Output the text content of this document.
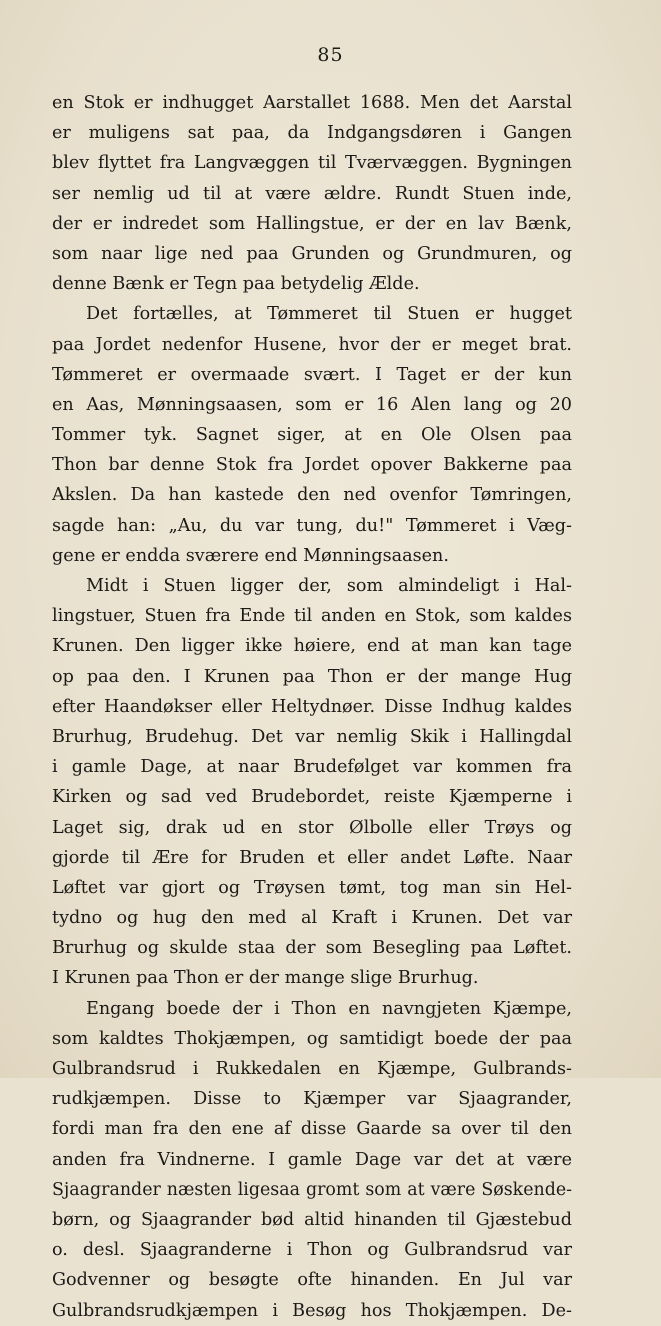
85
en Stok er indhugget Aarstallet 1688. Men det Aarstal
er muligens sat paa, da Indgangsdøren i Gangen
blev flyttet fra Langvæggen til Tværvæggen. Bygningen
ser nemlig ud til at være ældre. Rundt Stuen inde,
der er indredet som Hallingstue, er der en lav Bænk,
som naar lige ned paa Grunden og Grundmuren, og
denne Bænk er Tegn paa betydelig Ælde.
Det fortælles, at Tømmeret til Stuen er hugget
paa Jordet nedenfor Husene, hvor der er meget brat.
Tømmeret er overmaade svært. I Taget er der kun
en Aas, Mønningsaasen, som er 16 Alen lang og 20
Tommer tyk. Sagnet siger, at en Ole Olsen paa
Thon bar denne Stok fra Jordet opover Bakkerne paa
Akslen. Da han kastede den ned ovenfor Tømringen,
sagde han: „Au, du var tung, du!" Tømmeret i Væg-
gene er endda sværere end Mønningsaasen.
Midt i Stuen ligger der, som almindeligt i Hal-
lingstuer, Stuen fra Ende til anden en Stok, som kaldes
Krunen. Den ligger ikke høiere, end at man kan tage
op paa den. I Krunen paa Thon er der mange Hug
efter Haandøkser eller Heltydnøer. Disse Indhug kaldes
Brurhug, Brudehug. Det var nemlig Skik i Hallingdal
i gamle Dage, at naar Brudefølget var kommen fra
Kirken og sad ved Brudebordet, reiste Kjæmperne i
Laget sig, drak ud en stor Ølbolle eller Trøys og
gjorde til Ære for Bruden et eller andet Løfte. Naar
Løftet var gjort og Trøysen tømt, tog man sin Hel-
tydno og hug den med al Kraft i Krunen. Det var
Brurhug og skulde staa der som Besegling paa Løftet.
I Krunen paa Thon er der mange slige Brurhug.
Engang boede der i Thon en navngjeten Kjæmpe,
som kaldtes Thokjæmpen, og samtidigt boede der paa
Gulbrandsrud i Rukkedalen en Kjæmpe, Gulbrands-
rudkjæmpen. Disse to Kjæmper var Sjaagrander,
fordi man fra den ene af disse Gaarde sa over til den
anden fra Vindnerne. I gamle Dage var det at være
Sjaagrander næsten ligesaa gromt som at være Søskende-
børn, og Sjaagrander bød altid hinanden til Gjæstebud
o. desl. Sjaagranderne i Thon og Gulbrandsrud var
Godvenner og besøgte ofte hinanden. En Jul var
Gulbrandsrudkjæmpen i Besøg hos Thokjæmpen. De-
